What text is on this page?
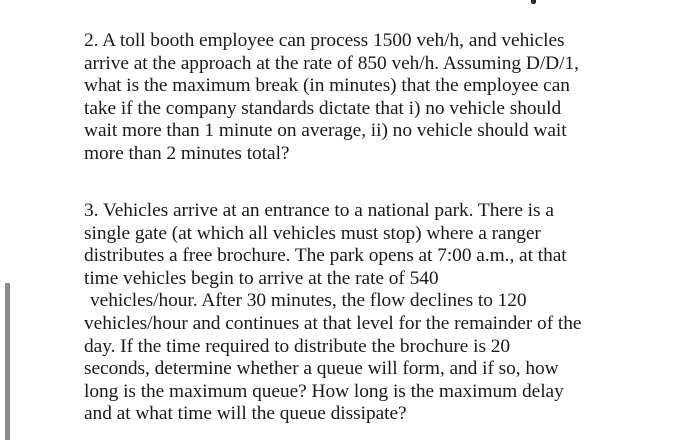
2. A toll booth employee can process 1500 veh/h, and vehicles
arrive at the approach at the rate of 850 veh/h. Assuming D/D/1,
what is the maximum break (in minutes) that the employee can
take if the company standards dictate that i) no vehicle should
wait more than 1 minute on average, ii) no vehicle should wait
more than 2 minutes total?
3. Vehicles arrive at an entrance to a national park. There is a
single gate (at which all vehicles must stop) where a ranger
distributes a free brochure. The park opens at 7:00 a.m., at that
time vehicles begin to arrive at the rate of 540
vehicles/hour. After 30 minutes, the flow declines to 120
vehicles/hour and continues at that level for the remainder of the
day. If the time required to distribute the brochure is 20
seconds, determine whether a queue will form, and if so, how
long is the maximum queue? How long is the maximum delay
and at what time will the queue dissipate?
